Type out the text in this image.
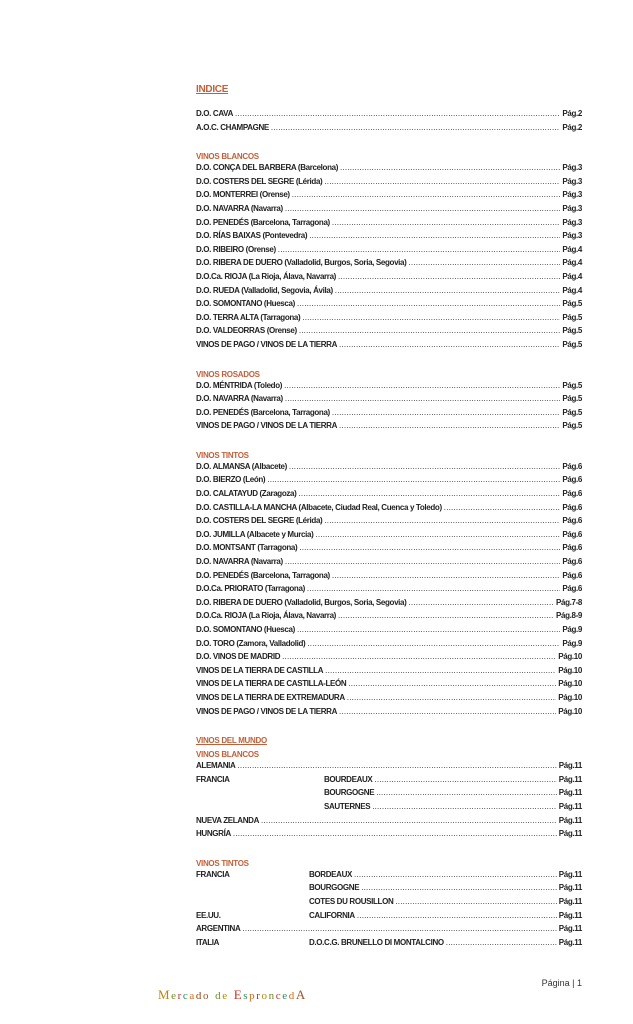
INDICE
D.O. CAVA .....	Pág.2
A.O.C. CHAMPAGNE .....	Pág.2
VINOS BLANCOS
D.O. CONÇA DEL BARBERA (Barcelona) .....	Pág.3
D.O. COSTERS DEL SEGRE (Lérida) .....	Pág.3
D.O. MONTERREI (Orense) .....	Pág.3
D.O. NAVARRA (Navarra) .....	Pág.3
D.O. PENEDÉS (Barcelona, Tarragona) .....	Pág.3
D.O. RÍAS BAIXAS (Pontevedra) .....	Pág.3
D.O. RIBEIRO (Orense) .....	Pág.4
D.O. RIBERA DE DUERO (Valladolid, Burgos, Soria, Segovia) .....	Pág.4
D.O.Ca. RIOJA (La Rioja, Álava, Navarra) .....	Pág.4
D.O. RUEDA (Valladolid, Segovia, Ávila) .....	Pág.4
D.O. SOMONTANO (Huesca) .....	Pág.5
D.O. TERRA ALTA (Tarragona) .....	Pág.5
D.O. VALDEORRAS (Orense) .....	Pág.5
VINOS DE PAGO / VINOS DE LA TIERRA .....	Pág.5
VINOS ROSADOS
D.O. MÉNTRIDA (Toledo) .....	Pág.5
D.O. NAVARRA (Navarra) .....	Pág.5
D.O. PENEDÉS (Barcelona, Tarragona) .....	Pág.5
VINOS DE PAGO / VINOS DE LA TIERRA .....	Pág.5
VINOS TINTOS
D.O. ALMANSA (Albacete) .....	Pág.6
D.O. BIERZO (León) .....	Pág.6
D.O. CALATAYUD (Zaragoza) .....	Pág.6
D.O. CASTILLA-LA MANCHA (Albacete, Ciudad Real, Cuenca y Toledo) .....	Pág.6
D.O. COSTERS DEL SEGRE (Lérida) .....	Pág.6
D.O. JUMILLA (Albacete y Murcia) .....	Pág.6
D.O. MONTSANT (Tarragona) .....	Pág.6
D.O. NAVARRA (Navarra) .....	Pág.6
D.O. PENEDÉS (Barcelona, Tarragona) .....	Pág.6
D.O.Ca. PRIORATO (Tarragona) .....	Pág.6
D.O. RIBERA DE DUERO (Valladolid, Burgos, Soria, Segovia) .....	Pág.7-8
D.O.Ca. RIOJA (La Rioja, Álava, Navarra) .....	Pág.8-9
D.O. SOMONTANO (Huesca) .....	Pág.9
D.O. TORO (Zamora, Valladolid) .....	Pág.9
D.O. VINOS DE MADRID .....	Pág.10
VINOS DE LA TIERRA DE CASTILLA .....	Pág.10
VINOS DE LA TIERRA DE CASTILLA-LEÓN .....	Pág.10
VINOS DE LA TIERRA DE EXTREMADURA .....	Pág.10
VINOS DE PAGO / VINOS DE LA TIERRA .....	Pág.10
VINOS DEL MUNDO
VINOS BLANCOS
ALEMANIA .....	Pág.11
FRANCIA	BOURDEAUX .....	Pág.11
BOURGOGNE .....	Pág.11
SAUTERNES .....	Pág.11
NUEVA ZELANDA .....	Pág.11
HUNGRÍA .....	Pág.11
VINOS TINTOS
FRANCIA	BORDEAUX .....	Pág.11
BOURGOGNE .....	Pág.11
COTES DU ROUSILLON .....	Pág.11
EE.UU.	CALIFORNIA .....	Pág.11
ARGENTINA .....	Pág.11
ITALIA	D.O.C.G. BRUNELLO DI MONTALCINO .....	Pág.11
Página | 1
Mercado de EsproncedA
